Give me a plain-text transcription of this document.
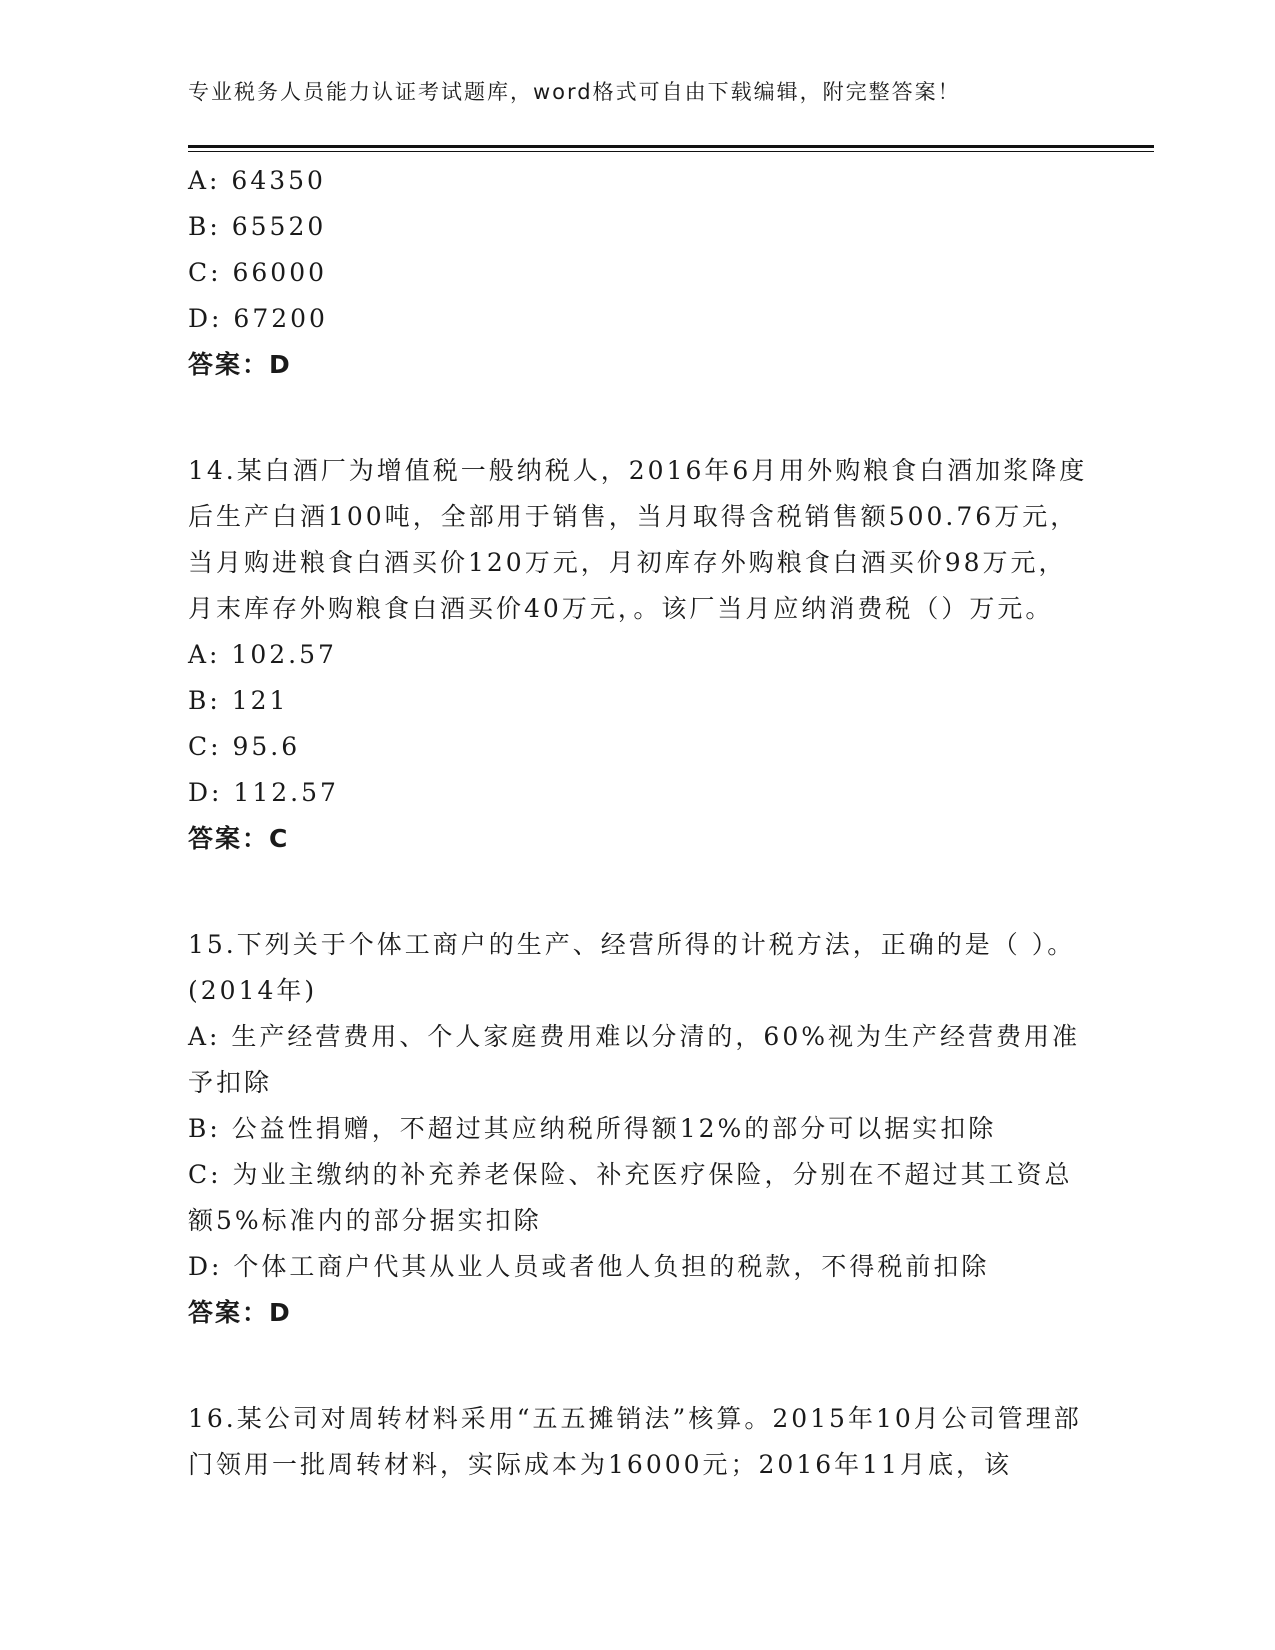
专业税务人员能力认证考试题库，word格式可自由下载编辑，附完整答案！
A: 64350
B: 65520
C: 66000
D: 67200
答案：D
14.某白酒厂为增值税一般纳税人，2016年6月用外购粮食白酒加浆降度后生产白酒100吨，全部用于销售，当月取得含税销售额500.76万元，当月购进粮食白酒买价120万元，月初库存外购粮食白酒买价98万元，月末库存外购粮食白酒买价40万元，。该厂当月应纳消费税（）万元。
A: 102.57
B: 121
C: 95.6
D: 112.57
答案：C
15.下列关于个体工商户的生产、经营所得的计税方法，正确的是（ ）。(2014年)
A: 生产经营费用、个人家庭费用难以分清的，60%视为生产经营费用准予扣除
B: 公益性捐赠，不超过其应纳税所得额12%的部分可以据实扣除
C: 为业主缴纳的补充养老保险、补充医疗保险，分别在不超过其工资总额5%标准内的部分据实扣除
D: 个体工商户代其从业人员或者他人负担的税款，不得税前扣除
答案：D
16.某公司对周转材料采用“五五摊销法”核算。2015年10月公司管理部门领用一批周转材料，实际成本为16000元；2016年11月底，该
